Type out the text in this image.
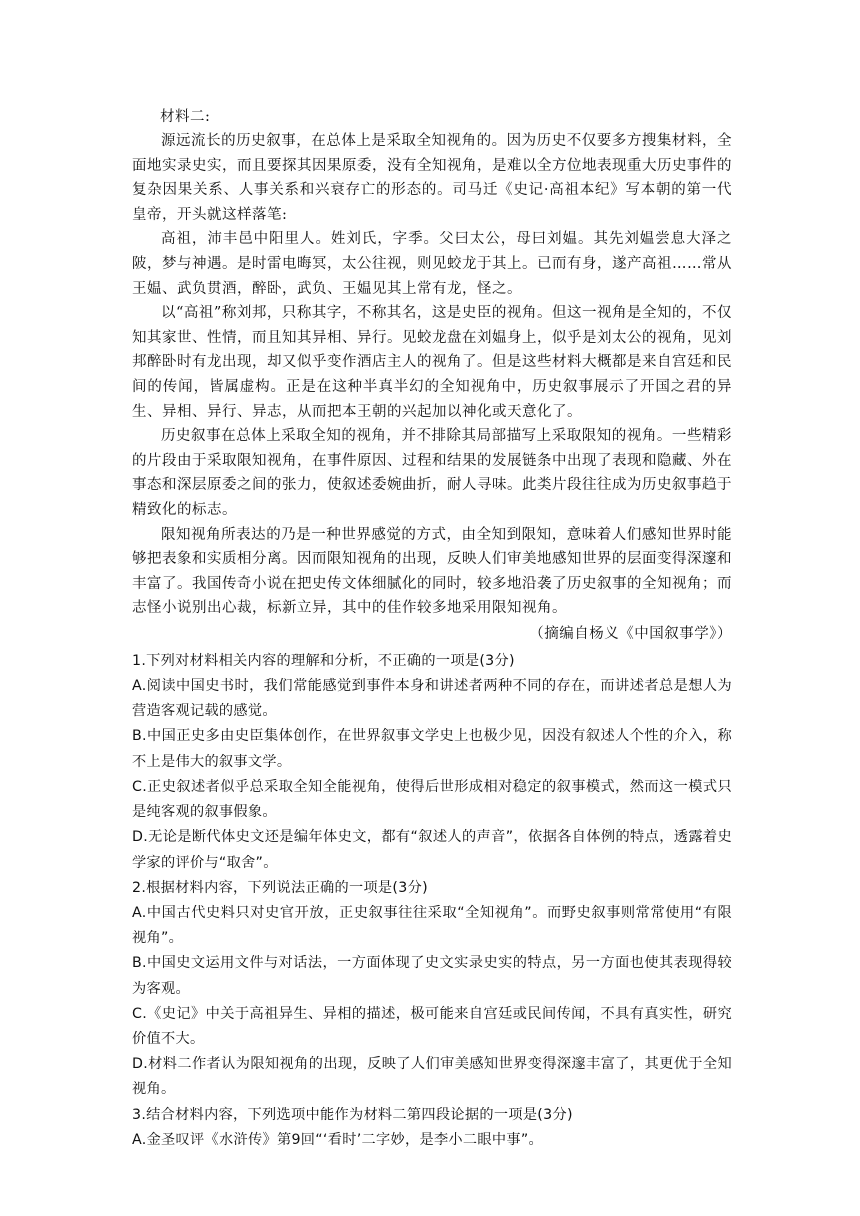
材料二:

源远流长的历史叙事，在总体上是采取全知视角的。因为历史不仅要多方搜集材料，全面地实录史实，而且要探其因果原委，没有全知视角，是难以全方位地表现重大历史事件的复杂因果关系、人事关系和兴衰存亡的形态的。司马迁《史记·高祖本纪》写本朝的第一代皇帝，开头就这样落笔:

高祖，沛丰邑中阳里人。姓刘氏，字季。父曰太公，母曰刘媪。其先刘媪尝息大泽之陂，梦与神遇。是时雷电晦冥，太公往视，则见蛟龙于其上。已而有身，遂产高祖……常从王媪、武负贯酒，醉卧，武负、王媪见其上常有龙，怪之。

以“高祖”称刘邦，只称其字，不称其名，这是史臣的视角。但这一视角是全知的，不仅知其家世、性情，而且知其异相、异行。见蛟龙盘在刘媪身上，似乎是刘太公的视角，见刘邦醉卧时有龙出现，却又似乎变作酒店主人的视角了。但是这些材料大概都是来自宫廷和民间的传闻，皆属虚构。正是在这种半真半幻的全知视角中，历史叙事展示了开国之君的异生、异相、异行、异志，从而把本王朝的兴起加以神化或天意化了。

历史叙事在总体上采取全知的视角，并不排除其局部描写上采取限知的视角。一些精彩的片段由于采取限知视角，在事件原因、过程和结果的发展链条中出现了表现和隐藏、外在事态和深层原委之间的张力，使叙述委婉曲折，耐人寻味。此类片段往往成为历史叙事趋于精致化的标志。

限知视角所表达的乃是一种世界感觉的方式，由全知到限知，意味着人们感知世界时能够把表象和实质相分离。因而限知视角的出现，反映人们审美地感知世界的层面变得深邃和丰富了。我国传奇小说在把史传文体细腻化的同时，较多地沿袭了历史叙事的全知视角；而志怪小说别出心裁，标新立异，其中的佳作较多地采用限知视角。

（摘编自杨义《中国叙事学》）

1.下列对材料相关内容的理解和分析，不正确的一项是(3分)

A.阅读中国史书时，我们常能感觉到事件本身和讲述者两种不同的存在，而讲述者总是想人为营造客观记载的感觉。

B.中国正史多由史臣集体创作，在世界叙事文学史上也极少见，因没有叙述人个性的介入，称不上是伟大的叙事文学。

C.正史叙述者似乎总采取全知全能视角，使得后世形成相对稳定的叙事模式，然而这一模式只是纯客观的叙事假象。

D.无论是断代体史文还是编年体史文，都有“叙述人的声音”，依据各自体例的特点，透露着史学家的评价与“取舍”。

2.根据材料内容，下列说法正确的一项是(3分)

A.中国古代史料只对史官开放，正史叙事往往采取“全知视角”。而野史叙事则常常使用“有限视角”。

B.中国史文运用文件与对话法，一方面体现了史文实录史实的特点，另一方面也使其表现得较为客观。

C.《史记》中关于高祖异生、异相的描述，极可能来自宫廷或民间传闻，不具有真实性，研究价值不大。

D.材料二作者认为限知视角的出现，反映了人们审美感知世界变得深邃丰富了，其更优于全知视角。

3.结合材料内容，下列选项中能作为材料二第四段论据的一项是(3分)

A.金圣叹评《水浒传》第9回“‘看时’二字妙，是李小二眼中事”。
